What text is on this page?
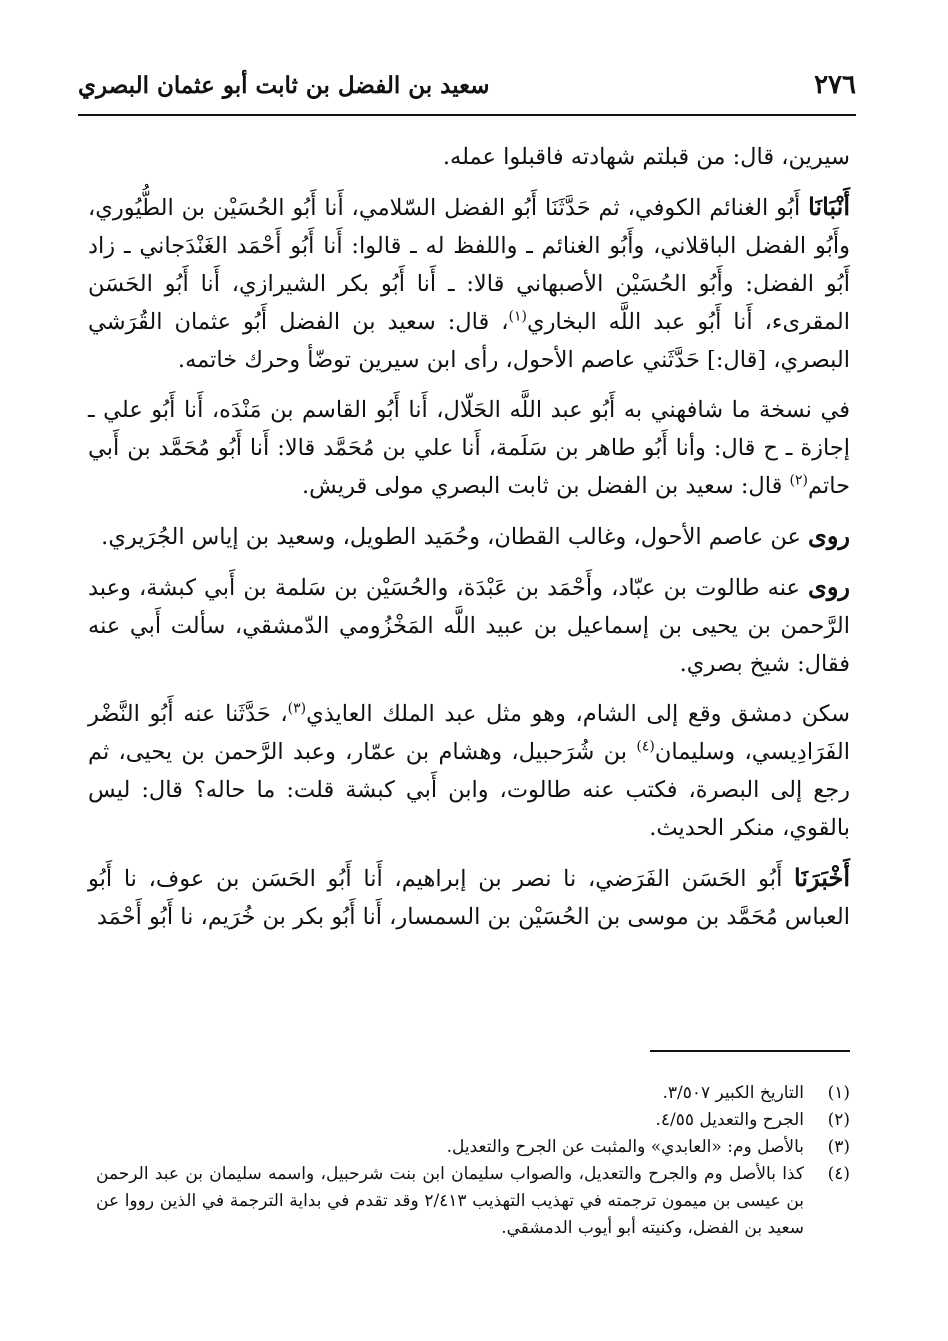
٢٧٦
سعيد بن الفضل بن ثابت أبو عثمان البصري

سيرين، قال: من قبلتم شهادته فاقبلوا عمله.

أَنْبَانَا أَبُو الغنائم الكوفي، ثم حَدَّثَنَا أَبُو الفضل السّلامي، أَنا أَبُو الحُسَيْن بن الطُّيُوري، وأَبُو الفضل الباقلاني، وأَبُو الغنائم ـ واللفظ له ـ قالوا: أَنا أَبُو أَحْمَد الغَنْدَجاني ـ زاد أَبُو الفضل: وأَبُو الحُسَيْن الأصبهاني قالا: ـ أَنا أَبُو بكر الشيرازي، أَنا أَبُو الحَسَن المقرىء، أَنا أَبُو عبد اللَّه البخاري$^{(١)}$، قال: سعيد بن الفضل أَبُو عثمان القُرَشي البصري، [قال:] حَدَّثَني عاصم الأحول، رأى ابن سيرين توضّأ وحرك خاتمه.

في نسخة ما شافهني به أَبُو عبد اللَّه الحَلّال، أَنا أَبُو القاسم بن مَنْدَه، أَنا أَبُو علي ـ إجازة ـ ح قال: وأنا أَبُو طاهر بن سَلَمة، أَنا علي بن مُحَمَّد قالا: أَنا أَبُو مُحَمَّد بن أَبي حاتم$^{(٢)}$ قال: سعيد بن الفضل بن ثابت البصري مولى قريش.

روى عن عاصم الأحول، وغالب القطان، وحُمَيد الطويل، وسعيد بن إياس الجُرَيري.

روى عنه طالوت بن عبّاد، وأَحْمَد بن عَبْدَة، والحُسَيْن بن سَلمة بن أَبي كبشة، وعبد الرَّحمن بن يحيى بن إسماعيل بن عبيد اللَّه المَخْزُومي الدّمشقي، سألت أَبي عنه فقال: شيخ بصري.

سكن دمشق وقع إلى الشام، وهو مثل عبد الملك العايذي$^{(٣)}$، حَدَّثَنا عنه أَبُو النَّضْر الفَرَادِيسي، وسليمان$^{(٤)}$ بن شُرَحبيل، وهشام بن عمّار، وعبد الرَّحمن بن يحيى، ثم رجع إلى البصرة، فكتب عنه طالوت، وابن أَبي كبشة قلت: ما حاله؟ قال: ليس بالقوي، منكر الحديث.

أَخْبَرَنَا أَبُو الحَسَن الفَرَضي، نا نصر بن إبراهيم، أَنا أَبُو الحَسَن بن عوف، نا أَبُو العباس مُحَمَّد بن موسى بن الحُسَيْن بن السمسار، أَنا أَبُو بكر بن خُرَيم، نا أَبُو أَحْمَد

(١)
التاريخ الكبير ٣/٥٠٧.
(٢)
الجرح والتعديل ٤/٥٥.
(٣)
بالأصل وم: «العابدي» والمثبت عن الجرح والتعديل.
(٤)
كذا بالأصل وم والجرح والتعديل، والصواب سليمان ابن بنت شرحبيل، واسمه سليمان بن عبد الرحمن بن عيسى بن ميمون ترجمته في تهذيب التهذيب ٢/٤١٣ وقد تقدم في بداية الترجمة في الذين رووا عن سعيد بن الفضل، وكنيته أبو أيوب الدمشقي.
